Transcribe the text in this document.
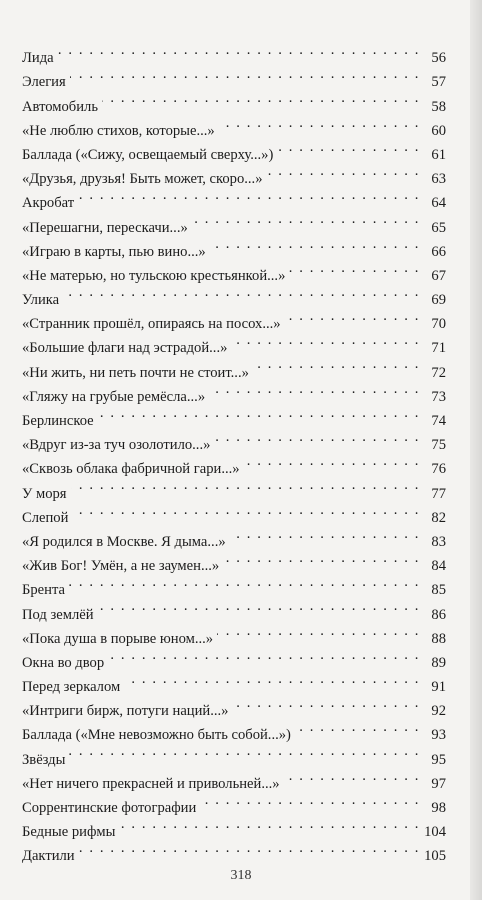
Лида . . .	56
Элегия . . .	57
Автомобиль . . .	58
«Не люблю стихов, которые...» . . .	60
Баллада («Сижу, освещаемый сверху...») . . .	61
«Друзья, друзья! Быть может, скоро...» . . .	63
Акробат . . .	64
«Перешагни, перескачи...» . . .	65
«Играю в карты, пью вино...» . . .	66
«Не матерью, но тульскою крестьянкой...» . . .	67
Улика . . .	69
«Странник прошёл, опираясь на посох...» . . .	70
«Большие флаги над эстрадой...» . . .	71
«Ни жить, ни петь почти не стоит...» . . .	72
«Гляжу на грубые ремёсла...» . . .	73
Берлинское . . .	74
«Вдруг из-за туч озолотило...» . . .	75
«Сквозь облака фабричной гари...» . . .	76
У моря . . .	77
Слепой . . .	82
«Я родился в Москве. Я дыма...» . . .	83
«Жив Бог! Умён, а не заумен...» . . .	84
Брента . . .	85
Под землёй . . .	86
«Пока душа в порыве юном...» . . .	88
Окна во двор . . .	89
Перед зеркалом . . .	91
«Интриги бирж, потуги наций...» . . .	92
Баллада («Мне невозможно быть собой...») . . .	93
Звёзды . . .	95
«Нет ничего прекрасней и привольней...» . . .	97
Соррентинские фотографии . . .	98
Бедные рифмы . . .	104
Дактили . . .	105
318
